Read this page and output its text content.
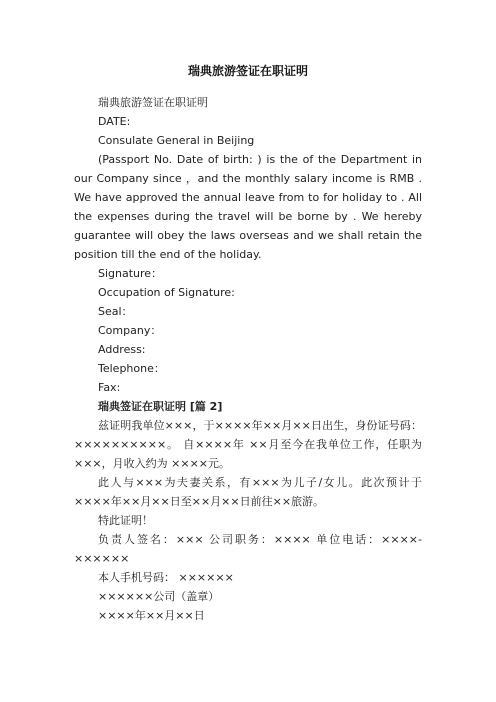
瑞典旅游签证在职证明

瑞典旅游签证在职证明

DATE:

Consulate General in Beijing

(Passport No. Date of birth: ) is the of the Department in our Company since ，and the monthly salary income is RMB . We have approved the annual leave from to for holiday to . All the expenses during the travel will be borne by . We hereby guarantee will obey the laws overseas and we shall retain the position till the end of the holiday.

Signature：

Occupation of Signature:

Seal：

Company：

Address:

Telephone：

Fax:

瑞典签证在职证明 [篇 2]

兹证明我单位×××，于××××年××月××日出生，身份证号码：××××××××××。 自××××年 ××月至今在我单位工作，任职为×××，月收入约为 ××××元。

此人与×××为夫妻关系，有×××为儿子/女儿。此次预计于××××年××月××日至××月××日前往××旅游。

特此证明！

负责人签名：××× 公司职务：×××× 单位电话：××××-××××××

本人手机号码： ××××××

××××××公司（盖章）

××××年××月××日
